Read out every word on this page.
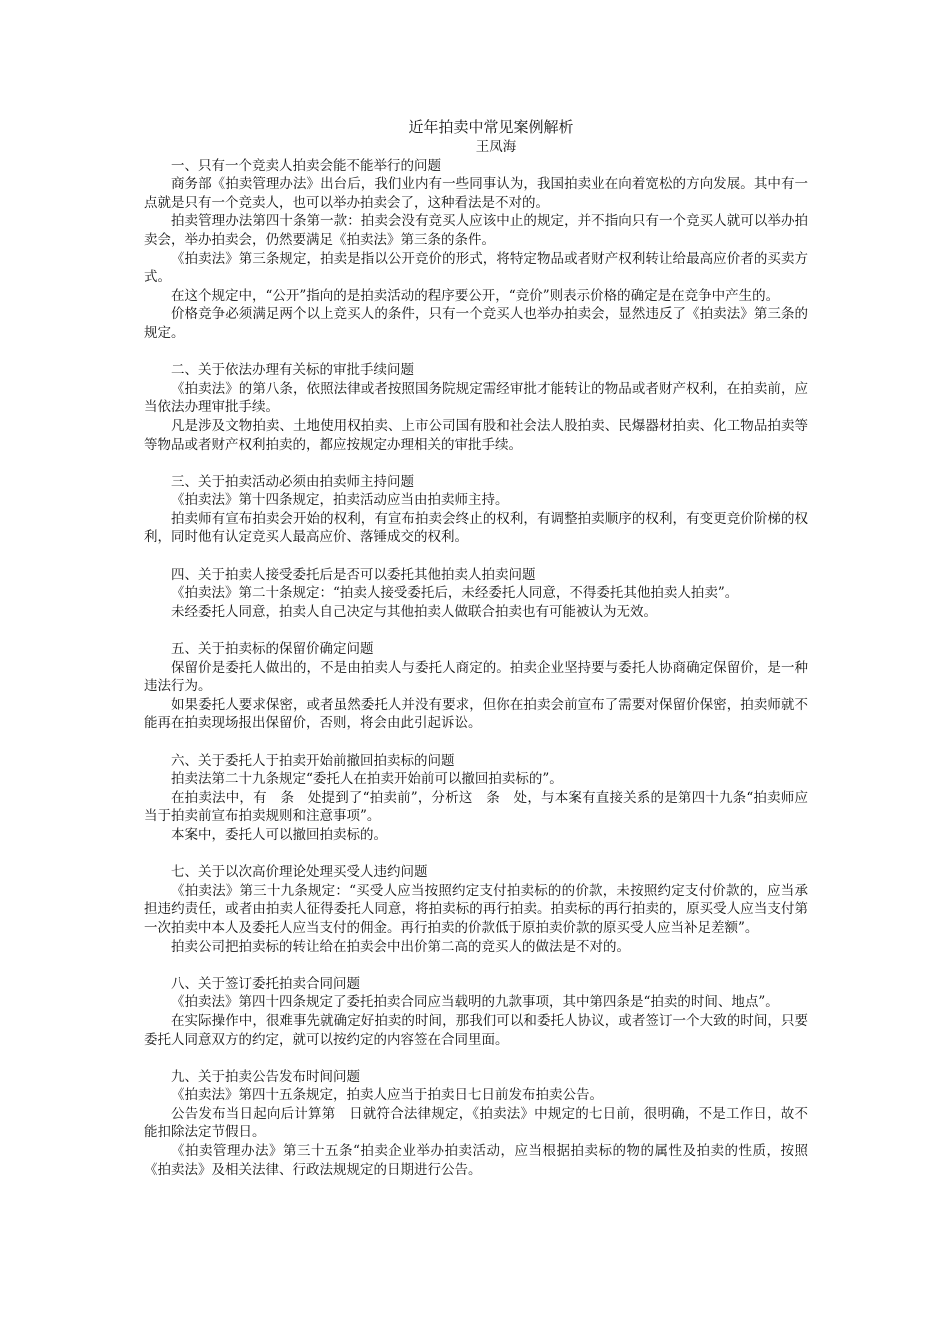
近年拍卖中常见案例解析
王凤海
一、只有一个竞卖人拍卖会能不能举行的问题

商务部《拍卖管理办法》出台后，我们业内有一些同事认为，我国拍卖业在向着宽松的方向发展。其中有一点就是只有一个竞卖人，也可以举办拍卖会了，这种看法是不对的。

拍卖管理办法第四十条第一款：拍卖会没有竞买人应该中止的规定，并不指向只有一个竞买人就可以举办拍卖会，举办拍卖会，仍然要满足《拍卖法》第三条的条件。

《拍卖法》第三条规定，拍卖是指以公开竞价的形式，将特定物品或者财产权利转让给最高应价者的买卖方式。

在这个规定中，“公开”指向的是拍卖活动的程序要公开，“竞价”则表示价格的确定是在竞争中产生的。

价格竞争必须满足两个以上竞买人的条件，只有一个竞买人也举办拍卖会，显然违反了《拍卖法》第三条的规定。

二、关于依法办理有关标的审批手续问题

《拍卖法》的第八条，依照法律或者按照国务院规定需经审批才能转让的物品或者财产权利，在拍卖前，应当依法办理审批手续。

凡是涉及文物拍卖、土地使用权拍卖、上市公司国有股和社会法人股拍卖、民爆器材拍卖、化工物品拍卖等等物品或者财产权利拍卖的，都应按规定办理相关的审批手续。

三、关于拍卖活动必须由拍卖师主持问题

《拍卖法》第十四条规定，拍卖活动应当由拍卖师主持。

拍卖师有宣布拍卖会开始的权利，有宣布拍卖会终止的权利，有调整拍卖顺序的权利，有变更竞价阶梯的权利，同时他有认定竞买人最高应价、落锤成交的权利。

四、关于拍卖人接受委托后是否可以委托其他拍卖人拍卖问题

《拍卖法》第二十条规定：“拍卖人接受委托后，未经委托人同意，不得委托其他拍卖人拍卖”。

未经委托人同意，拍卖人自己决定与其他拍卖人做联合拍卖也有可能被认为无效。

五、关于拍卖标的保留价确定问题

保留价是委托人做出的，不是由拍卖人与委托人商定的。拍卖企业坚持要与委托人协商确定保留价，是一种违法行为。

如果委托人要求保密，或者虽然委托人并没有要求，但你在拍卖会前宣布了需要对保留价保密，拍卖师就不能再在拍卖现场报出保留价，否则，将会由此引起诉讼。

六、关于委托人于拍卖开始前撤回拍卖标的问题

拍卖法第二十九条规定“委托人在拍卖开始前可以撤回拍卖标的”。

在拍卖法中，有　条　处提到了“拍卖前”，分析这　条　处，与本案有直接关系的是第四十九条“拍卖师应当于拍卖前宣布拍卖规则和注意事项”。

本案中，委托人可以撤回拍卖标的。

七、关于以次高价理论处理买受人违约问题

《拍卖法》第三十九条规定：“买受人应当按照约定支付拍卖标的的价款，未按照约定支付价款的，应当承担违约责任，或者由拍卖人征得委托人同意，将拍卖标的再行拍卖。拍卖标的再行拍卖的，原买受人应当支付第一次拍卖中本人及委托人应当支付的佣金。再行拍卖的价款低于原拍卖价款的原买受人应当补足差额”。

拍卖公司把拍卖标的转让给在拍卖会中出价第二高的竞买人的做法是不对的。

八、关于签订委托拍卖合同问题

《拍卖法》第四十四条规定了委托拍卖合同应当载明的九款事项，其中第四条是“拍卖的时间、地点”。

在实际操作中，很难事先就确定好拍卖的时间，那我们可以和委托人协议，或者签订一个大致的时间，只要委托人同意双方的约定，就可以按约定的内容签在合同里面。

九、关于拍卖公告发布时间问题

《拍卖法》第四十五条规定，拍卖人应当于拍卖日七日前发布拍卖公告。

公告发布当日起向后计算第　日就符合法律规定，《拍卖法》中规定的七日前，很明确，不是工作日，故不能扣除法定节假日。

《拍卖管理办法》第三十五条“拍卖企业举办拍卖活动，应当根据拍卖标的物的属性及拍卖的性质，按照《拍卖法》及相关法律、行政法规规定的日期进行公告。
